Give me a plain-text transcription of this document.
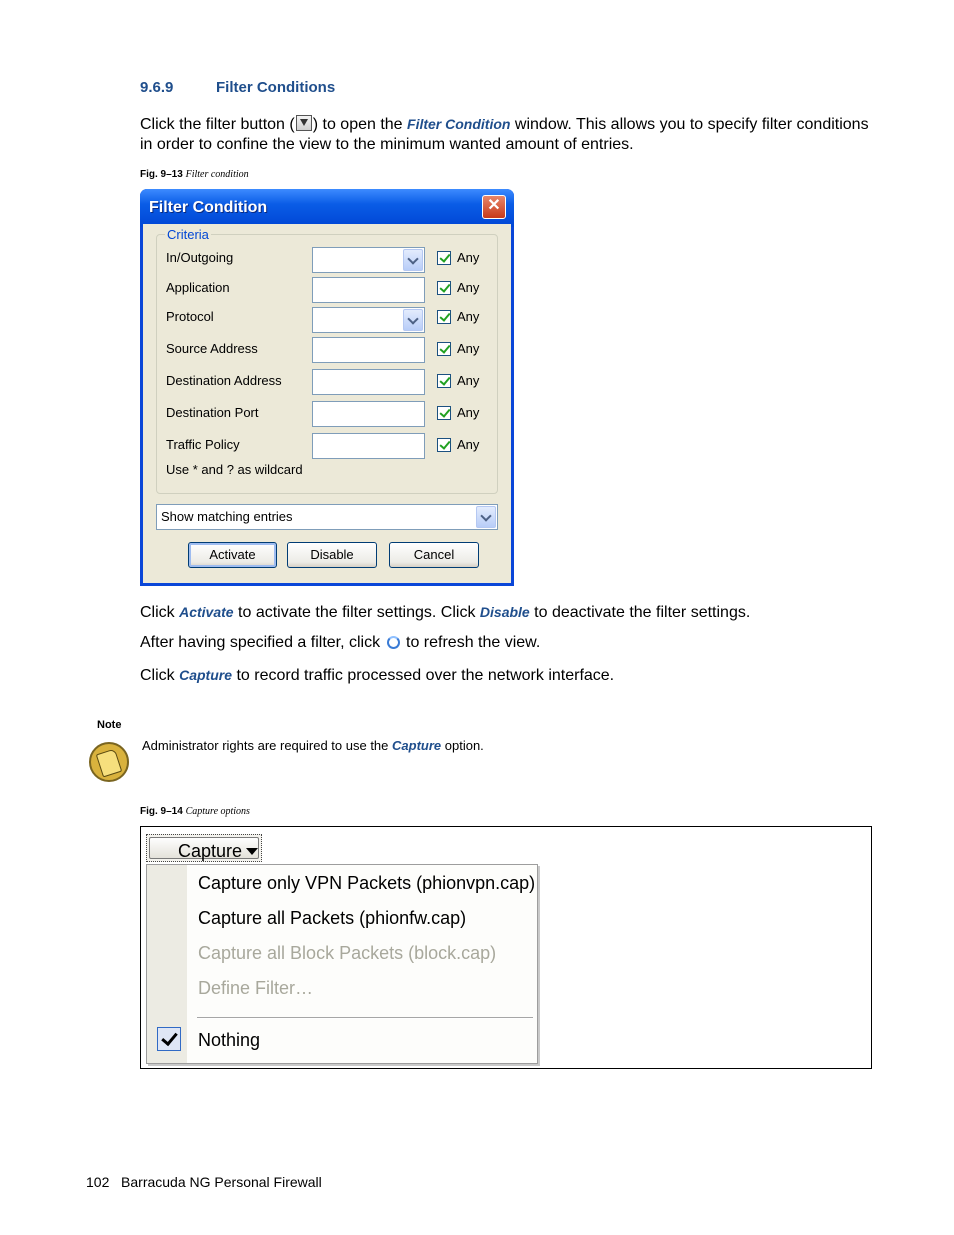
9.6.9	Filter Conditions
Click the filter button ( ) to open the Filter Condition window. This allows you to specify filter conditions
in order to confine the view to the minimum wanted amount of entries.
Fig. 9–13 Filter condition
Filter Condition	✕
Criteria
In/Outgoing	Any
Application	Any
Protocol	Any
Source Address	Any
Destination Address	Any
Destination Port	Any
Traffic Policy	Any
Use * and ? as wildcard
Show matching entries
Activate	Disable	Cancel
Click Activate to activate the filter settings. Click Disable to deactivate the filter settings.
After having specified a filter, click  to refresh the view.
Click Capture to record traffic processed over the network interface.
Note
Administrator rights are required to use the Capture option.
Fig. 9–14 Capture options
Capture
Capture only VPN Packets (phionvpn.cap)
Capture all Packets (phionfw.cap)
Capture all Block Packets (block.cap)
Define Filter…
Nothing
102 Barracuda NG Personal Firewall
